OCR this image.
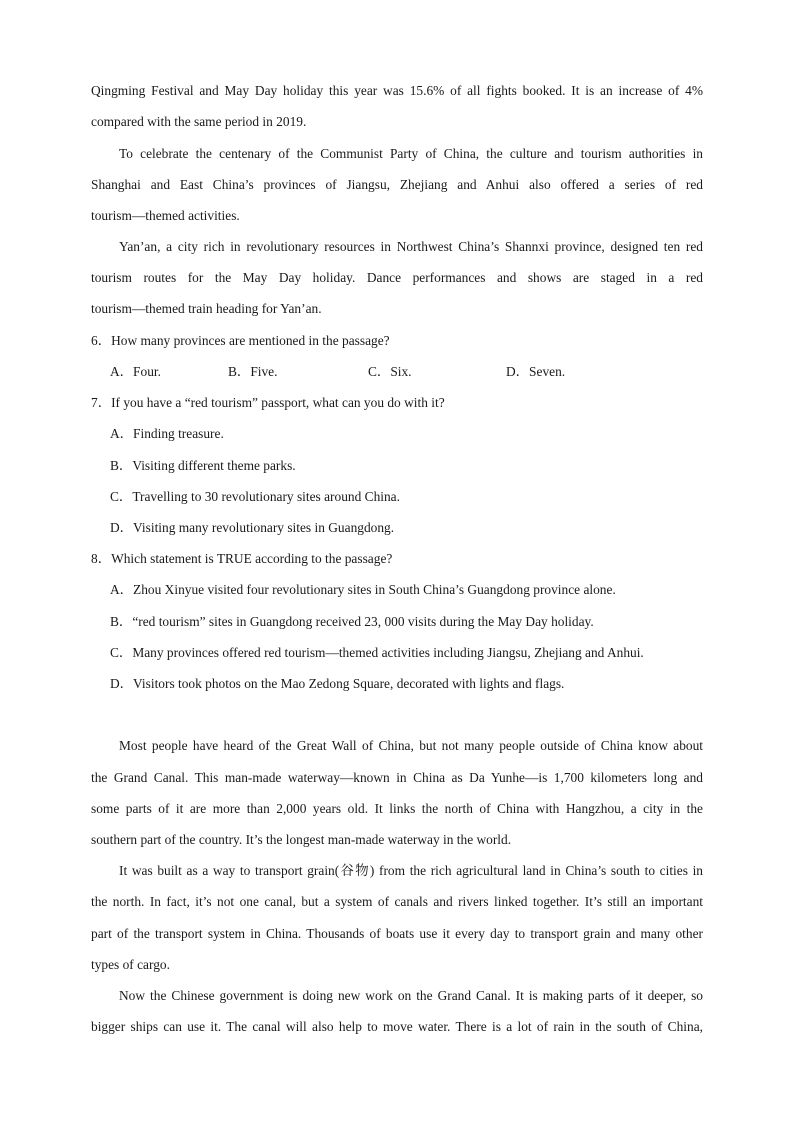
Qingming Festival and May Day holiday this year was 15.6% of all fights booked. It is an increase of 4%
compared with the same period in 2019.
To celebrate the centenary of the Communist Party of China, the culture and tourism authorities in
Shanghai and East China’s provinces of Jiangsu, Zhejiang and Anhui also offered a series of red
tourism—themed activities.
Yan’an, a city rich in revolutionary resources in Northwest China’s Shannxi province, designed ten red
tourism routes for the May Day holiday. Dance performances and shows are staged in a red
tourism—themed train heading for Yan’an.
6．How many provinces are mentioned in the passage?
A．Four.	B．Five.	C．Six.	D．Seven.
7．If you have a “red tourism” passport, what can you do with it?
A．Finding treasure.
B．Visiting different theme parks.
C．Travelling to 30 revolutionary sites around China.
D．Visiting many revolutionary sites in Guangdong.
8．Which statement is TRUE according to the passage?
A．Zhou Xinyue visited four revolutionary sites in South China’s Guangdong province alone.
B．“red tourism” sites in Guangdong received 23, 000 visits during the May Day holiday.
C．Many provinces offered red tourism—themed activities including Jiangsu, Zhejiang and Anhui.
D．Visitors took photos on the Mao Zedong Square, decorated with lights and flags.
Most people have heard of the Great Wall of China, but not many people outside of China know about
the Grand Canal. This man-made waterway—known in China as Da Yunhe—is 1,700 kilometers long and
some parts of it are more than 2,000 years old. It links the north of China with Hangzhou, a city in the
southern part of the country. It’s the longest man-made waterway in the world.
It was built as a way to transport grain(谷物) from the rich agricultural land in China’s south to cities in
the north. In fact, it’s not one canal, but a system of canals and rivers linked together. It’s still an important
part of the transport system in China. Thousands of boats use it every day to transport grain and many other
types of cargo.
Now the Chinese government is doing new work on the Grand Canal. It is making parts of it deeper, so
bigger ships can use it. The canal will also help to move water. There is a lot of rain in the south of China,
